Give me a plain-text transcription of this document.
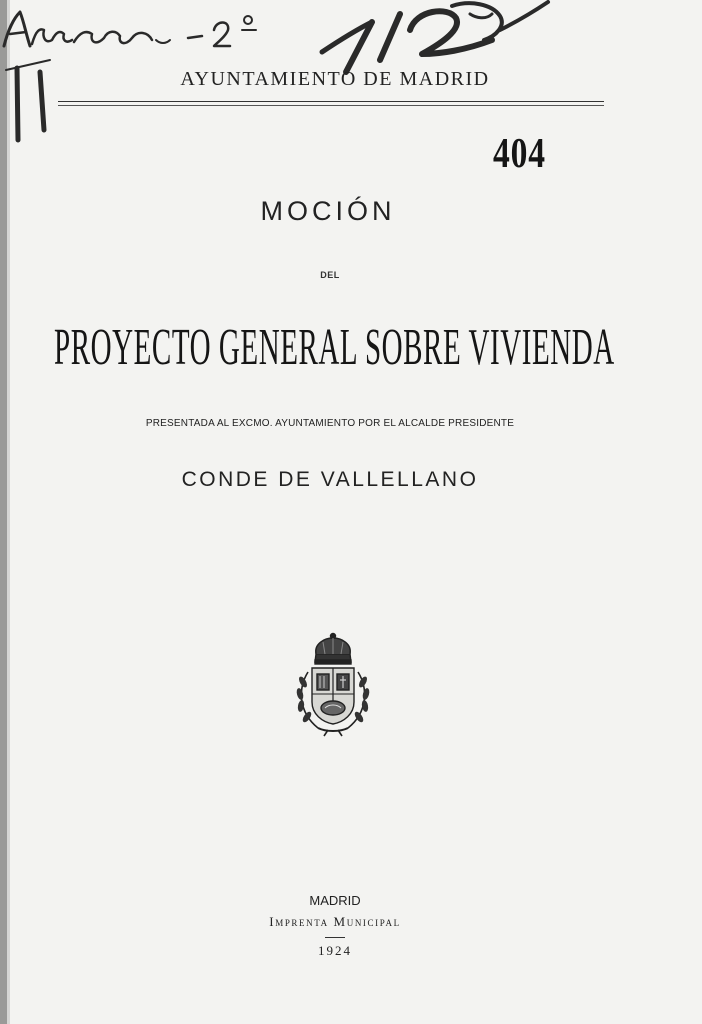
AYUNTAMIENTO DE MADRID
404
MOCIÓN
DEL
PROYECTO GENERAL SOBRE VIVIENDA
PRESENTADA AL EXCMO. AYUNTAMIENTO POR EL ALCALDE PRESIDENTE
CONDE DE VALLELLANO
MADRID
Imprenta Municipal
1924
